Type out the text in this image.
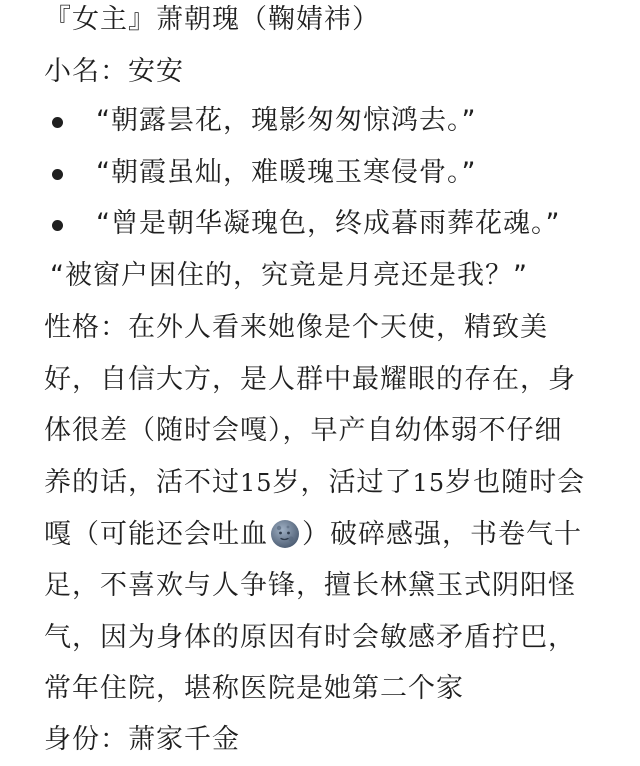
『女主』萧朝瑰（鞠婧祎）
小名：安安
“朝露昙花，瑰影匆匆惊鸿去。”
“朝霞虽灿，难暖瑰玉寒侵骨。”
“曾是朝华凝瑰色，终成暮雨葬花魂。”
“被窗户困住的，究竟是月亮还是我？”
性格：在外人看来她像是个天使，精致美
好，自信大方，是人群中最耀眼的存在，身
体很差（随时会嘎），早产自幼体弱不仔细
养的话，活不过15岁，活过了15岁也随时会
嘎（可能还会吐血 ）破碎感强，书卷气十
足，不喜欢与人争锋，擅长林黛玉式阴阳怪
气，因为身体的原因有时会敏感矛盾拧巴，
常年住院，堪称医院是她第二个家
身份：萧家千金
